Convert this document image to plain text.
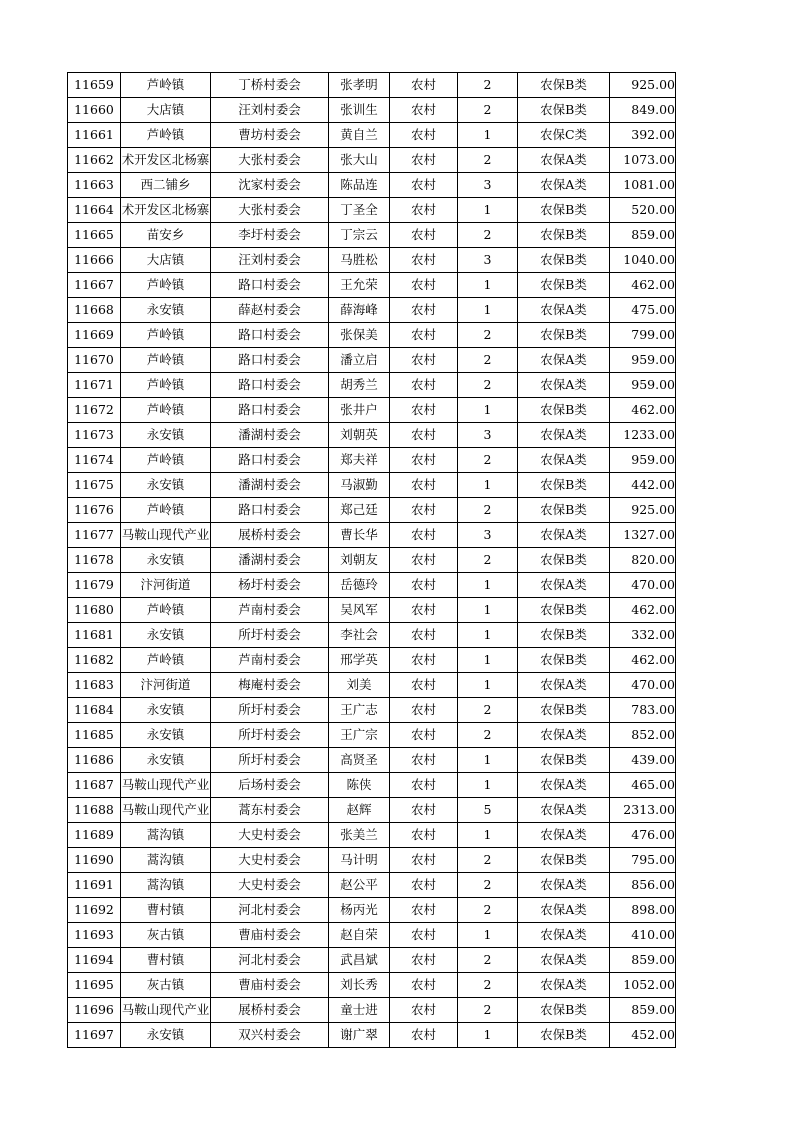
11659	芦岭镇	丁桥村委会	张孝明	农村	2	农保B类	925.00
11660	大店镇	汪刘村委会	张训生	农村	2	农保B类	849.00
11661	芦岭镇	曹坊村委会	黄自兰	农村	1	农保C类	392.00
11662	术开发区北杨寨	大张村委会	张大山	农村	2	农保A类	1073.00
11663	西二铺乡	沈家村委会	陈品连	农村	3	农保A类	1081.00
11664	术开发区北杨寨	大张村委会	丁圣全	农村	1	农保B类	520.00
11665	苗安乡	李圩村委会	丁宗云	农村	2	农保B类	859.00
11666	大店镇	汪刘村委会	马胜松	农村	3	农保B类	1040.00
11667	芦岭镇	路口村委会	王允荣	农村	1	农保B类	462.00
11668	永安镇	薛赵村委会	薛海峰	农村	1	农保A类	475.00
11669	芦岭镇	路口村委会	张保美	农村	2	农保B类	799.00
11670	芦岭镇	路口村委会	潘立启	农村	2	农保A类	959.00
11671	芦岭镇	路口村委会	胡秀兰	农村	2	农保A类	959.00
11672	芦岭镇	路口村委会	张井户	农村	1	农保B类	462.00
11673	永安镇	潘湖村委会	刘朝英	农村	3	农保A类	1233.00
11674	芦岭镇	路口村委会	郑夫祥	农村	2	农保A类	959.00
11675	永安镇	潘湖村委会	马淑勤	农村	1	农保B类	442.00
11676	芦岭镇	路口村委会	郑己廷	农村	2	农保B类	925.00
11677	马鞍山现代产业	展桥村委会	曹长华	农村	3	农保A类	1327.00
11678	永安镇	潘湖村委会	刘朝友	农村	2	农保B类	820.00
11679	汴河街道	杨圩村委会	岳德玲	农村	1	农保A类	470.00
11680	芦岭镇	芦南村委会	吴风军	农村	1	农保B类	462.00
11681	永安镇	所圩村委会	李社会	农村	1	农保B类	332.00
11682	芦岭镇	芦南村委会	邢学英	农村	1	农保B类	462.00
11683	汴河街道	梅庵村委会	刘美	农村	1	农保A类	470.00
11684	永安镇	所圩村委会	王广志	农村	2	农保B类	783.00
11685	永安镇	所圩村委会	王广宗	农村	2	农保A类	852.00
11686	永安镇	所圩村委会	高贤圣	农村	1	农保B类	439.00
11687	马鞍山现代产业	后场村委会	陈侠	农村	1	农保A类	465.00
11688	马鞍山现代产业	蒿东村委会	赵辉	农村	5	农保A类	2313.00
11689	蒿沟镇	大史村委会	张美兰	农村	1	农保A类	476.00
11690	蒿沟镇	大史村委会	马计明	农村	2	农保B类	795.00
11691	蒿沟镇	大史村委会	赵公平	农村	2	农保A类	856.00
11692	曹村镇	河北村委会	杨丙光	农村	2	农保A类	898.00
11693	灰古镇	曹庙村委会	赵自荣	农村	1	农保A类	410.00
11694	曹村镇	河北村委会	武昌斌	农村	2	农保A类	859.00
11695	灰古镇	曹庙村委会	刘长秀	农村	2	农保A类	1052.00
11696	马鞍山现代产业	展桥村委会	童士进	农村	2	农保B类	859.00
11697	永安镇	双兴村委会	谢广翠	农村	1	农保B类	452.00
